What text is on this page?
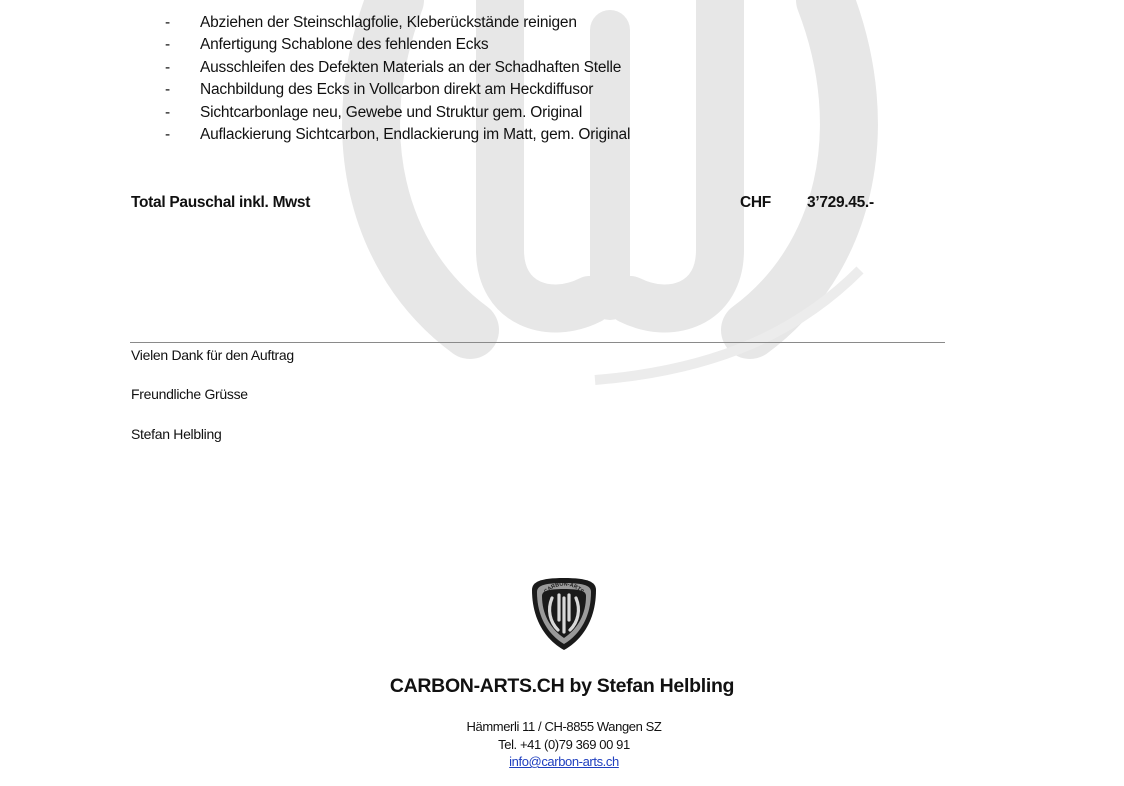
- Abziehen der Steinschlagfolie, Kleberückstände reinigen
- Anfertigung Schablone des fehlenden Ecks
- Ausschleifen des Defekten Materials an der Schadhaften Stelle
- Nachbildung des Ecks in Vollcarbon direkt am Heckdiffusor
- Sichtcarbonlage neu, Gewebe und Struktur gem. Original
- Auflackierung Sichtcarbon, Endlackierung im Matt, gem. Original
Total Pauschal inkl. Mwst	CHF 3’729.45.-
Vielen Dank für den Auftrag
Freundliche Grüsse
Stefan Helbling
CARBON-ARTS
CARBON-ARTS.CH by Stefan Helbling
Hämmerli 11 / CH-8855 Wangen SZ
Tel. +41 (0)79 369 00 91
info@carbon-arts.ch
